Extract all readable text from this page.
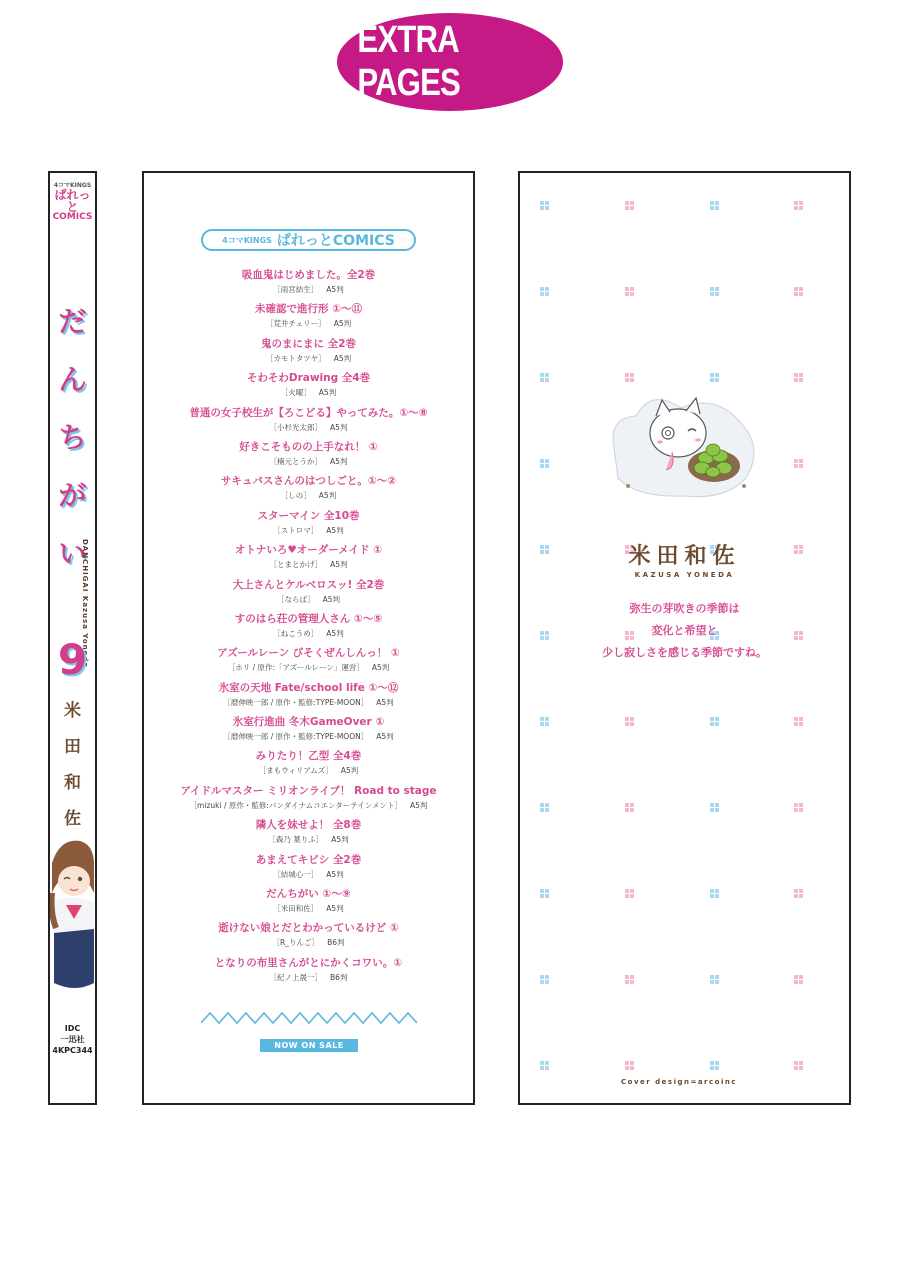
EXTRA PAGES
4コマKINGS
ぱれっと
COMICS
だ
ん
ち
が
い
DANCHIGAI Kazusa Yoneda
9
米
田
和
佐
IDC
一迅社
4KPC344
4コマKINGS ぱれっとCOMICS
吸血鬼はじめました。全2巻
［雨宮結生］ A5判
未確認で進行形 ①～⑪
［荒井チェリー］ A5判
鬼のまにまに 全2巻
［カモトタツヤ］ A5判
そわそわDrawing 全4巻
［火曜］ A5判
普通の女子校生が【ろこどる】やってみた。①～⑧
［小杉光太郎］ A5判
好きこそものの上手なれ！ ①
［楠元とうか］ A5判
サキュバスさんのはつしごと。①～②
［しの］ A5判
スターマイン 全10巻
［ストロマ］ A5判
オトナいろ♥オーダーメイド ①
［とまとかげ］ A5判
大上さんとケルベロスッ! 全2巻
［ならば］ A5判
すのはら荘の管理人さん ①～⑤
［ねこうめ］ A5判
アズールレーン びそくぜんしんっ！ ①
［ホリ / 原作:「アズールレーン」運営］ A5判
氷室の天地 Fate/school life ①～⑫
［磨伸映一郎 / 原作・監修:TYPE-MOON］ A5判
氷室行進曲 冬木GameOver ①
［磨伸映一郎 / 原作・監修:TYPE-MOON］ A5判
みりたり！乙型 全4巻
［まもウィリアムズ］ A5判
アイドルマスター ミリオンライブ！ Road to stage
［mizuki / 原作・監修:バンダイナムコエンターテインメント］ A5判
隣人を妹せよ！ 全8巻
［森乃 葉りふ］ A5判
あまえてキビシ 全2巻
［結城心一］ A5判
だんちがい ①～⑨
［米田和佐］ A5判
逝けない娘とだとわかっているけど ①
［R_りんご］ B6判
となりの布里さんがとにかくコワい。①
［紀ノ上晟一］ B6判
NOW ON SALE
米田和佐
KAZUSA YONEDA
弥生の芽吹きの季節は
変化と希望と
少し寂しさを感じる季節ですね。
Cover design=arcoinc
